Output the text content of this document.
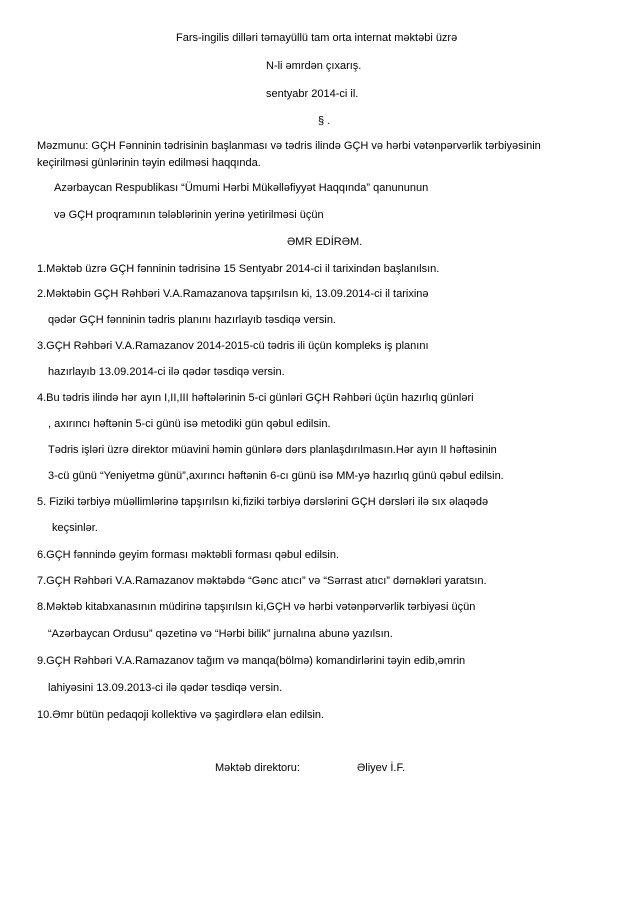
Fars-ingilis dilləri təmayüllü tam orta internat məktəbi üzrə
N-li əmrdən çıxarış.
sentyabr 2014-ci il.
§ .
Məzmunu: GÇH Fənninin tədrisinin başlanması və tədris ilində GÇH və hərbi vətənpərvərlik tərbiyəsinin keçirilməsi günlərinin təyin edilməsi haqqında.
Azərbaycan Respublikası “Ümumi Hərbi Mükəlləfiyyət Haqqında” qanununun
və GÇH proqramının tələblərinin yerinə yetirilməsi üçün
ƏMR EDİRƏM.
1.Məktəb üzrə GÇH fənninin tədrisinə 15 Sentyabr 2014-ci il tarixindən başlanılsın.
2.Məktəbin GÇH Rəhbəri V.A.Ramazanova tapşırılsın ki, 13.09.2014-ci il tarixinə
qədər GÇH fənninin tədris planını hazırlayıb təsdiqə versin.
3.GÇH Rəhbəri V.A.Ramazanov 2014-2015-cü tədris ili üçün kompleks iş planını
hazırlayıb 13.09.2014-ci ilə qədər təsdiqə versin.
4.Bu tədris ilində hər ayın I,II,III həftələrinin 5-ci günləri GÇH Rəhbəri üçün hazırlıq günləri
, axırıncı həftənin 5-ci günü isə metodiki gün qəbul edilsin.
Tədris işləri üzrə direktor müavini həmin günlərə dərs planlaşdırılmasın.Hər ayın II həftəsinin
3-cü günü “Yeniyetmə günü”,axırıncı həftənin 6-cı günü isə MM-yə hazırlıq günü qəbul edilsin.
5. Fiziki tərbiyə müəllimlərinə tapşırılsın ki,fiziki tərbiyə dərslərini GÇH dərsləri ilə sıx əlaqədə
keçsinlər.
6.GÇH fənnində geyim forması məktəbli forması qəbul edilsin.
7.GÇH Rəhbəri V.A.Ramazanov məktəbdə “Gənc atıcı” və “Sərrast atıcı” dərnəkləri yaratsın.
8.Məktəb kitabxanasının müdirinə tapşırılsın ki,GÇH və hərbi vətənpərvərlik tərbiyəsi üçün
“Azərbaycan Ordusu” qəzetinə və “Hərbi bilik” jurnalına abunə yazılsın.
9.GÇH Rəhbəri V.A.Ramazanov tağım və manqa(bölmə) komandirlərini təyin edib,əmrin
lahiyəsini 13.09.2013-ci ilə qədər təsdiqə versin.
10.Əmr bütün pedaqoji kollektivə və şagirdlərə elan edilsin.
Məktəb direktoru:	Əliyev İ.F.
